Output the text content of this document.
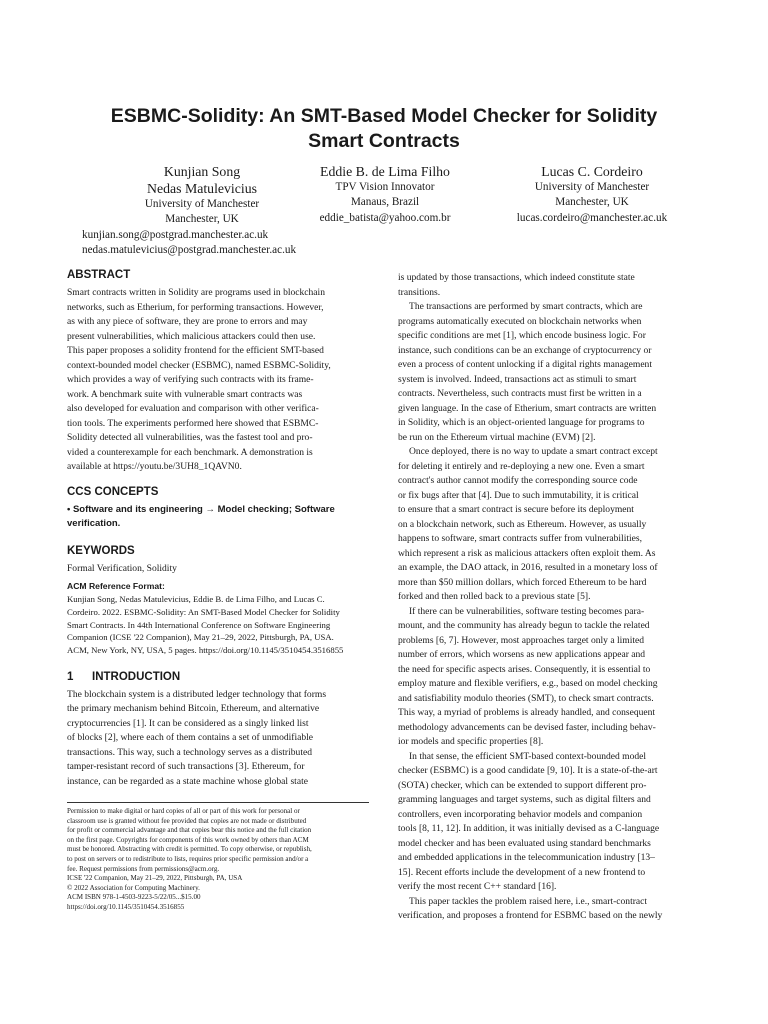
ESBMC-Solidity: An SMT-Based Model Checker for Solidity
Smart Contracts
Kunjian Song
Nedas Matulevicius
University of Manchester
Manchester, UK
kunjian.song@postgrad.manchester.ac.uk
nedas.matulevicius@postgrad.manchester.ac.uk
Eddie B. de Lima Filho
TPV Vision Innovator
Manaus, Brazil
eddie_batista@yahoo.com.br
Lucas C. Cordeiro
University of Manchester
Manchester, UK
lucas.cordeiro@manchester.ac.uk
ABSTRACT
Smart contracts written in Solidity are programs used in blockchain
networks, such as Etherium, for performing transactions. However,
as with any piece of software, they are prone to errors and may
present vulnerabilities, which malicious attackers could then use.
This paper proposes a solidity frontend for the efficient SMT-based
context-bounded model checker (ESBMC), named ESBMC-Solidity,
which provides a way of verifying such contracts with its frame-
work. A benchmark suite with vulnerable smart contracts was
also developed for evaluation and comparison with other verifica-
tion tools. The experiments performed here showed that ESBMC-
Solidity detected all vulnerabilities, was the fastest tool and pro-
vided a counterexample for each benchmark. A demonstration is
available at https://youtu.be/3UH8_1QAVN0.
CCS CONCEPTS
• Software and its engineering → Model checking; Software
verification.
KEYWORDS
Formal Verification, Solidity
ACM Reference Format:
Kunjian Song, Nedas Matulevicius, Eddie B. de Lima Filho, and Lucas C.
Cordeiro. 2022. ESBMC-Solidity: An SMT-Based Model Checker for Solidity
Smart Contracts. In 44th International Conference on Software Engineering
Companion (ICSE '22 Companion), May 21–29, 2022, Pittsburgh, PA, USA.
ACM, New York, NY, USA, 5 pages. https://doi.org/10.1145/3510454.3516855
1 INTRODUCTION
The blockchain system is a distributed ledger technology that forms
the primary mechanism behind Bitcoin, Ethereum, and alternative
cryptocurrencies [1]. It can be considered as a singly linked list
of blocks [2], where each of them contains a set of unmodifiable
transactions. This way, such a technology serves as a distributed
tamper-resistant record of such transactions [3]. Ethereum, for
instance, can be regarded as a state machine whose global state
Permission to make digital or hard copies of all or part of this work for personal or
classroom use is granted without fee provided that copies are not made or distributed
for profit or commercial advantage and that copies bear this notice and the full citation
on the first page. Copyrights for components of this work owned by others than ACM
must be honored. Abstracting with credit is permitted. To copy otherwise, or republish,
to post on servers or to redistribute to lists, requires prior specific permission and/or a
fee. Request permissions from permissions@acm.org.
ICSE '22 Companion, May 21–29, 2022, Pittsburgh, PA, USA
© 2022 Association for Computing Machinery.
ACM ISBN 978-1-4503-9223-5/22/05...$15.00
https://doi.org/10.1145/3510454.3516855
is updated by those transactions, which indeed constitute state
transitions.
The transactions are performed by smart contracts, which are
programs automatically executed on blockchain networks when
specific conditions are met [1], which encode business logic. For
instance, such conditions can be an exchange of cryptocurrency or
even a process of content unlocking if a digital rights management
system is involved. Indeed, transactions act as stimuli to smart
contracts. Nevertheless, such contracts must first be written in a
given language. In the case of Etherium, smart contracts are written
in Solidity, which is an object-oriented language for programs to
be run on the Ethereum virtual machine (EVM) [2].
Once deployed, there is no way to update a smart contract except
for deleting it entirely and re-deploying a new one. Even a smart
contract's author cannot modify the corresponding source code
or fix bugs after that [4]. Due to such immutability, it is critical
to ensure that a smart contract is secure before its deployment
on a blockchain network, such as Ethereum. However, as usually
happens to software, smart contracts suffer from vulnerabilities,
which represent a risk as malicious attackers often exploit them. As
an example, the DAO attack, in 2016, resulted in a monetary loss of
more than $50 million dollars, which forced Ethereum to be hard
forked and then rolled back to a previous state [5].
If there can be vulnerabilities, software testing becomes para-
mount, and the community has already begun to tackle the related
problems [6, 7]. However, most approaches target only a limited
number of errors, which worsens as new applications appear and
the need for specific aspects arises. Consequently, it is essential to
employ mature and flexible verifiers, e.g., based on model checking
and satisfiability modulo theories (SMT), to check smart contracts.
This way, a myriad of problems is already handled, and consequent
methodology advancements can be devised faster, including behav-
ior models and specific properties [8].
In that sense, the efficient SMT-based context-bounded model
checker (ESBMC) is a good candidate [9, 10]. It is a state-of-the-art
(SOTA) checker, which can be extended to support different pro-
gramming languages and target systems, such as digital filters and
controllers, even incorporating behavior models and companion
tools [8, 11, 12]. In addition, it was initially devised as a C-language
model checker and has been evaluated using standard benchmarks
and embedded applications in the telecommunication industry [13–
15]. Recent efforts include the development of a new frontend to
verify the most recent C++ standard [16].
This paper tackles the problem raised here, i.e., smart-contract
verification, and proposes a frontend for ESBMC based on the newly
